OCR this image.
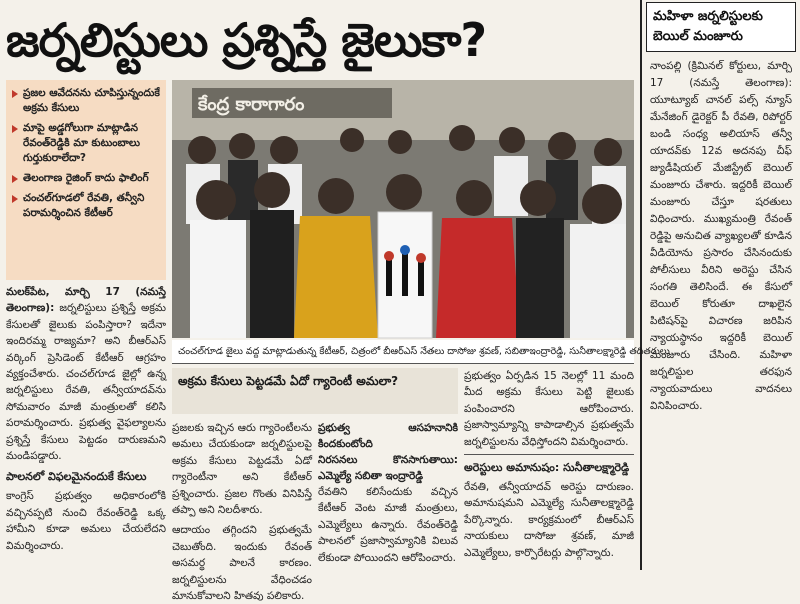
జర్నలిస్టులు ప్రశ్నిస్తే జైలుకా?	మహిళా జర్నలిస్టులకు బెయిల్ మంజూరు
నాంపల్లి (క్రిమినల్ కోర్టులు, మార్చి 17 (నమస్తే తెలంగాణ): యూట్యూబ్ చానల్ పల్స్ న్యూస్ మేనేజింగ్ డైరెక్టర్ పీ రేవతి, రిపోర్టర్ బండి సంధ్య అలియాస్ తన్వీ యాదవ్‌కు 12వ అదనపు చీఫ్ జ్యుడీషియల్ మేజిస్ట్రేట్ బెయిల్ మంజూరు చేశారు. ఇద్దరికీ బెయిల్ మంజూరు చేస్తూ షరతులు విధించారు. ముఖ్యమంత్రి రేవంత్ రెడ్డిపై అనుచిత వ్యాఖ్యలతో కూడిన వీడియోను ప్రసారం చేసినందుకు పోలీసులు వీరిని అరెస్టు చేసిన సంగతి తెలిసిందే. ఈ కేసులో బెయిల్ కోరుతూ దాఖలైన పిటిషన్‌పై విచారణ జరిపిన న్యాయస్థానం ఇద్దరికీ బెయిల్ మంజూరు చేసింది. మహిళా జర్నలిస్టుల తరఫున న్యాయవాదులు వాదనలు వినిపించారు.
ప్రజల ఆవేదనను చూపిస్తున్నందుకే అక్రమ కేసులు
మాపై అడ్డగోలుగా మాట్లాడిన రేవంత్‌రెడ్డికి మా కుటుంబాలు గుర్తుకురాలేదా?
తెలంగాణ రైజింగ్ కాదు ఫాలింగ్
చంచల్‌గూడలో రేవతి, తన్వీని పరామర్శించిన కేటీఆర్
కేంద్ర కారాగారం
చంచల్‌గూడ జైలు వద్ద మాట్లాడుతున్న కేటీఆర్, చిత్రంలో బీఆర్ఎస్ నేతలు దాసోజు శ్రవణ్, సబితాఇంద్రారెడ్డి, సునీతాలక్ష్మారెడ్డి తదితరులు

మలక్‌పేట, మార్చి 17 (నమస్తే తెలంగాణ): జర్నలిస్టులు ప్రశ్నిస్తే అక్రమ కేసులతో జైలుకు పంపిస్తారా? ఇదేనా ఇందిరమ్మ రాజ్యమా? అని బీఆర్ఎస్ వర్కింగ్ ప్రెసిడెంట్ కేటీఆర్ ఆగ్రహం వ్యక్తంచేశారు. చంచల్‌గూడ జైల్లో ఉన్న జర్నలిస్టులు రేవతి, తన్వీయాదవ్‌ను సోమవారం మాజీ మంత్రులతో కలిసి పరామర్శించారు. ప్రభుత్వ వైఫల్యాలను ప్రశ్నిస్తే కేసులు పెట్టడం దారుణమని మండిపడ్డారు.

పాలనలో విఫలమైనందుకే కేసులు

కాంగ్రెస్ ప్రభుత్వం అధికారంలోకి వచ్చినప్పటి నుంచి రేవంత్‌రెడ్డి ఒక్క హామీని కూడా అమలు చేయలేదని విమర్శించారు.

అక్రమ కేసులు పెట్టడమే ఏదో గ్యారెంటీ అమలా?

ప్రజలకు ఇచ్చిన ఆరు గ్యారెంటీలను అమలు చేయకుండా జర్నలిస్టులపై అక్రమ కేసులు పెట్టడమే ఏడో గ్యారెంటీనా అని కేటీఆర్ ప్రశ్నించారు. ప్రజల గొంతు వినిపిస్తే తప్పా అని నిలదీశారు.

ఆదాయం తగ్గిందని ప్రభుత్వమే చెబుతోంది. ఇందుకు రేవంత్ అసమర్థ పాలనే కారణం. జర్నలిస్టులను వేధించడం మానుకోవాలని హితవు పలికారు.

ప్రభుత్వ ఆసహనానికి కిందకుంటోంది
నిరసనలు కొనసాగుతాయి: ఎమ్మెల్యే సబితా ఇంద్రారెడ్డి

రేవతిని కలిసేందుకు వచ్చిన కేటీఆర్ వెంట మాజీ మంత్రులు, ఎమ్మెల్యేలు ఉన్నారు. రేవంత్‌రెడ్డి పాలనలో ప్రజాస్వామ్యానికి విలువ లేకుండా పోయిందని ఆరోపించారు.

ప్రభుత్వం ఏర్పడిన 15 నెలల్లో 11 మంది మీద అక్రమ కేసులు పెట్టి జైలుకు పంపించారని ఆరోపించారు. ప్రజాస్వామ్యాన్ని కాపాడాల్సిన ప్రభుత్వమే జర్నలిస్టులను వేధిస్తోందని విమర్శించారు.

అరెస్టులు అమానుషం: సునీతాలక్ష్మారెడ్డి

రేవతి, తన్వీయాదవ్ అరెస్టు దారుణం. అమానుషమని ఎమ్మెల్యే సునీతాలక్ష్మారెడ్డి పేర్కొన్నారు. కార్యక్రమంలో బీఆర్ఎస్ నాయకులు దాసోజు శ్రవణ్, మాజీ ఎమ్మెల్యేలు, కార్పొరేటర్లు పాల్గొన్నారు.
